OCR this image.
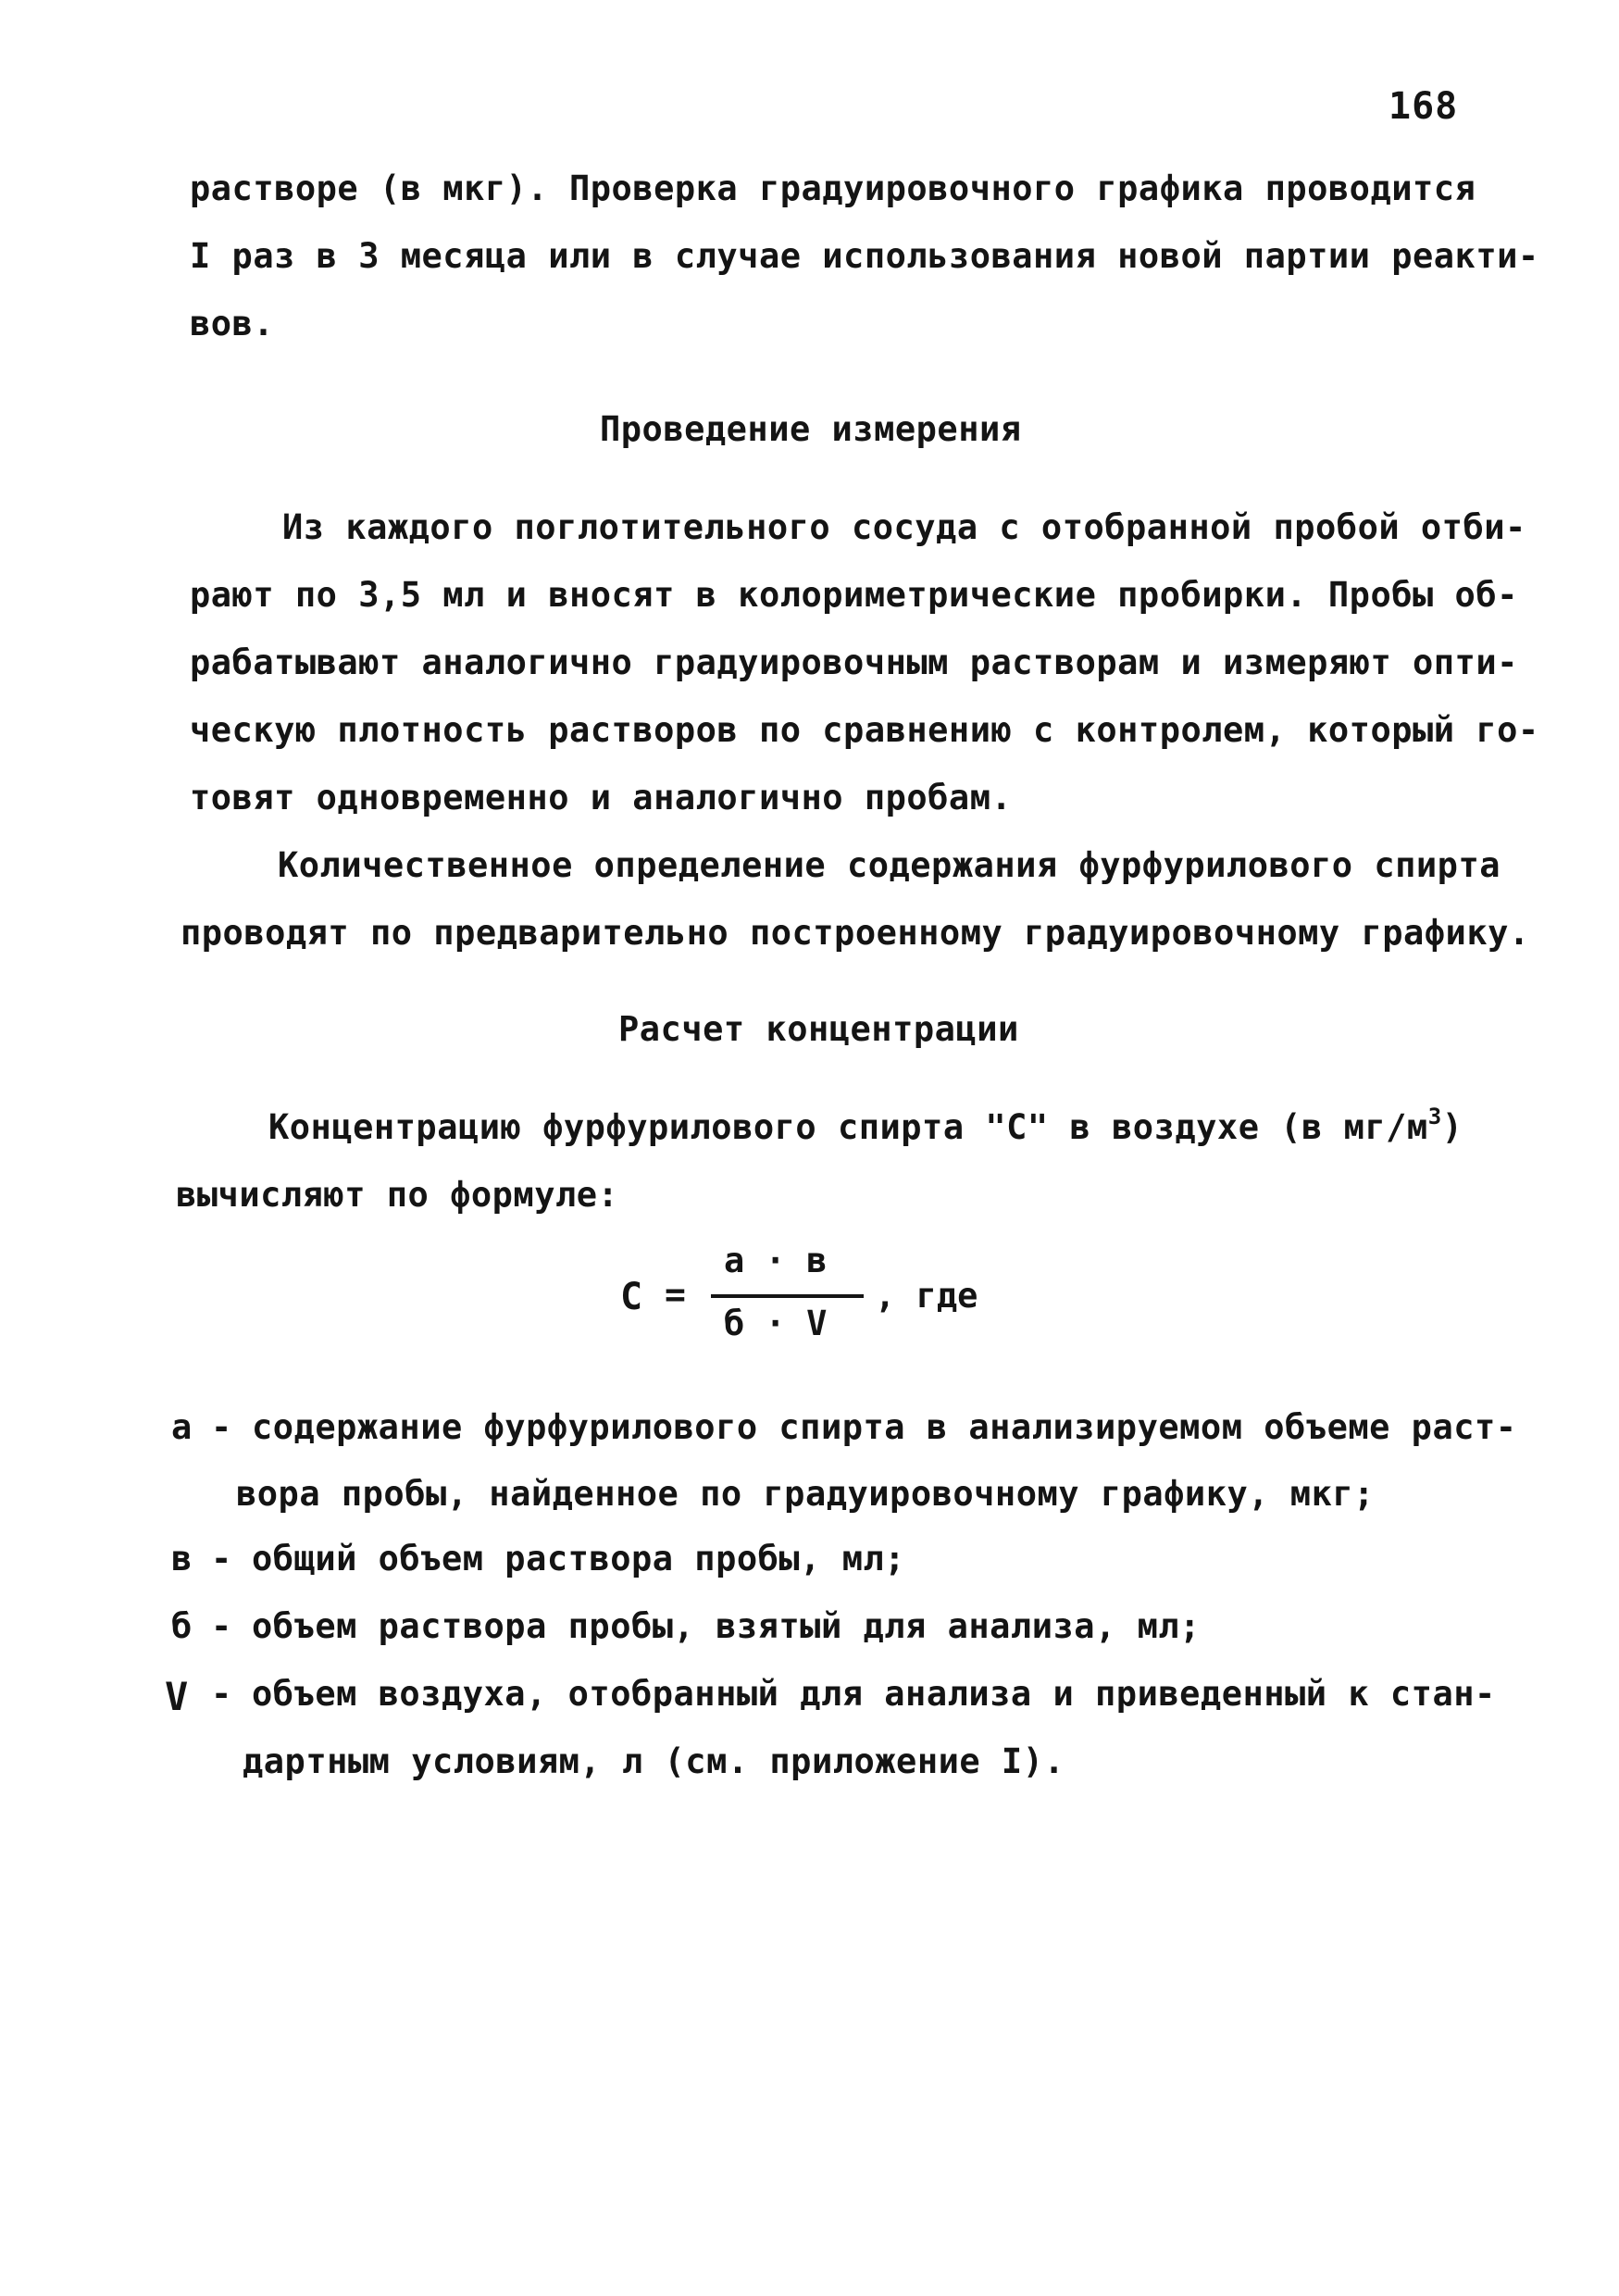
168
растворе (в мкг). Проверка градуировочного графика проводится
I раз в 3 месяца или в случае использования новой партии реакти-
вов.
Проведение измерения
Из каждого поглотительного сосуда с отобранной пробой отби-
рают по 3,5 мл и вносят в колориметрические пробирки. Пробы об-
рабатывают аналогично градуировочным растворам и измеряют опти-
ческую плотность растворов по сравнению с контролем, который го-
товят одновременно и аналогично пробам.
Количественное определение содержания фурфурилового спирта
проводят по предварительно построенному градуировочному графику.
Расчет концентрации
Концентрацию фурфурилового спирта "С" в воздухе (в $мг/м^3$)
вычисляют по формуле:
С =
а · в
б · V
, где
а - содержание фурфурилового спирта в анализируемом объеме раст-
вора пробы, найденное по градуировочному графику, мкг;
в - общий объем раствора пробы, мл;
б - объем раствора пробы, взятый для анализа, мл;
V - объем воздуха, отобранный для анализа и приведенный к стан-
дартным условиям, л (см. приложение I).
